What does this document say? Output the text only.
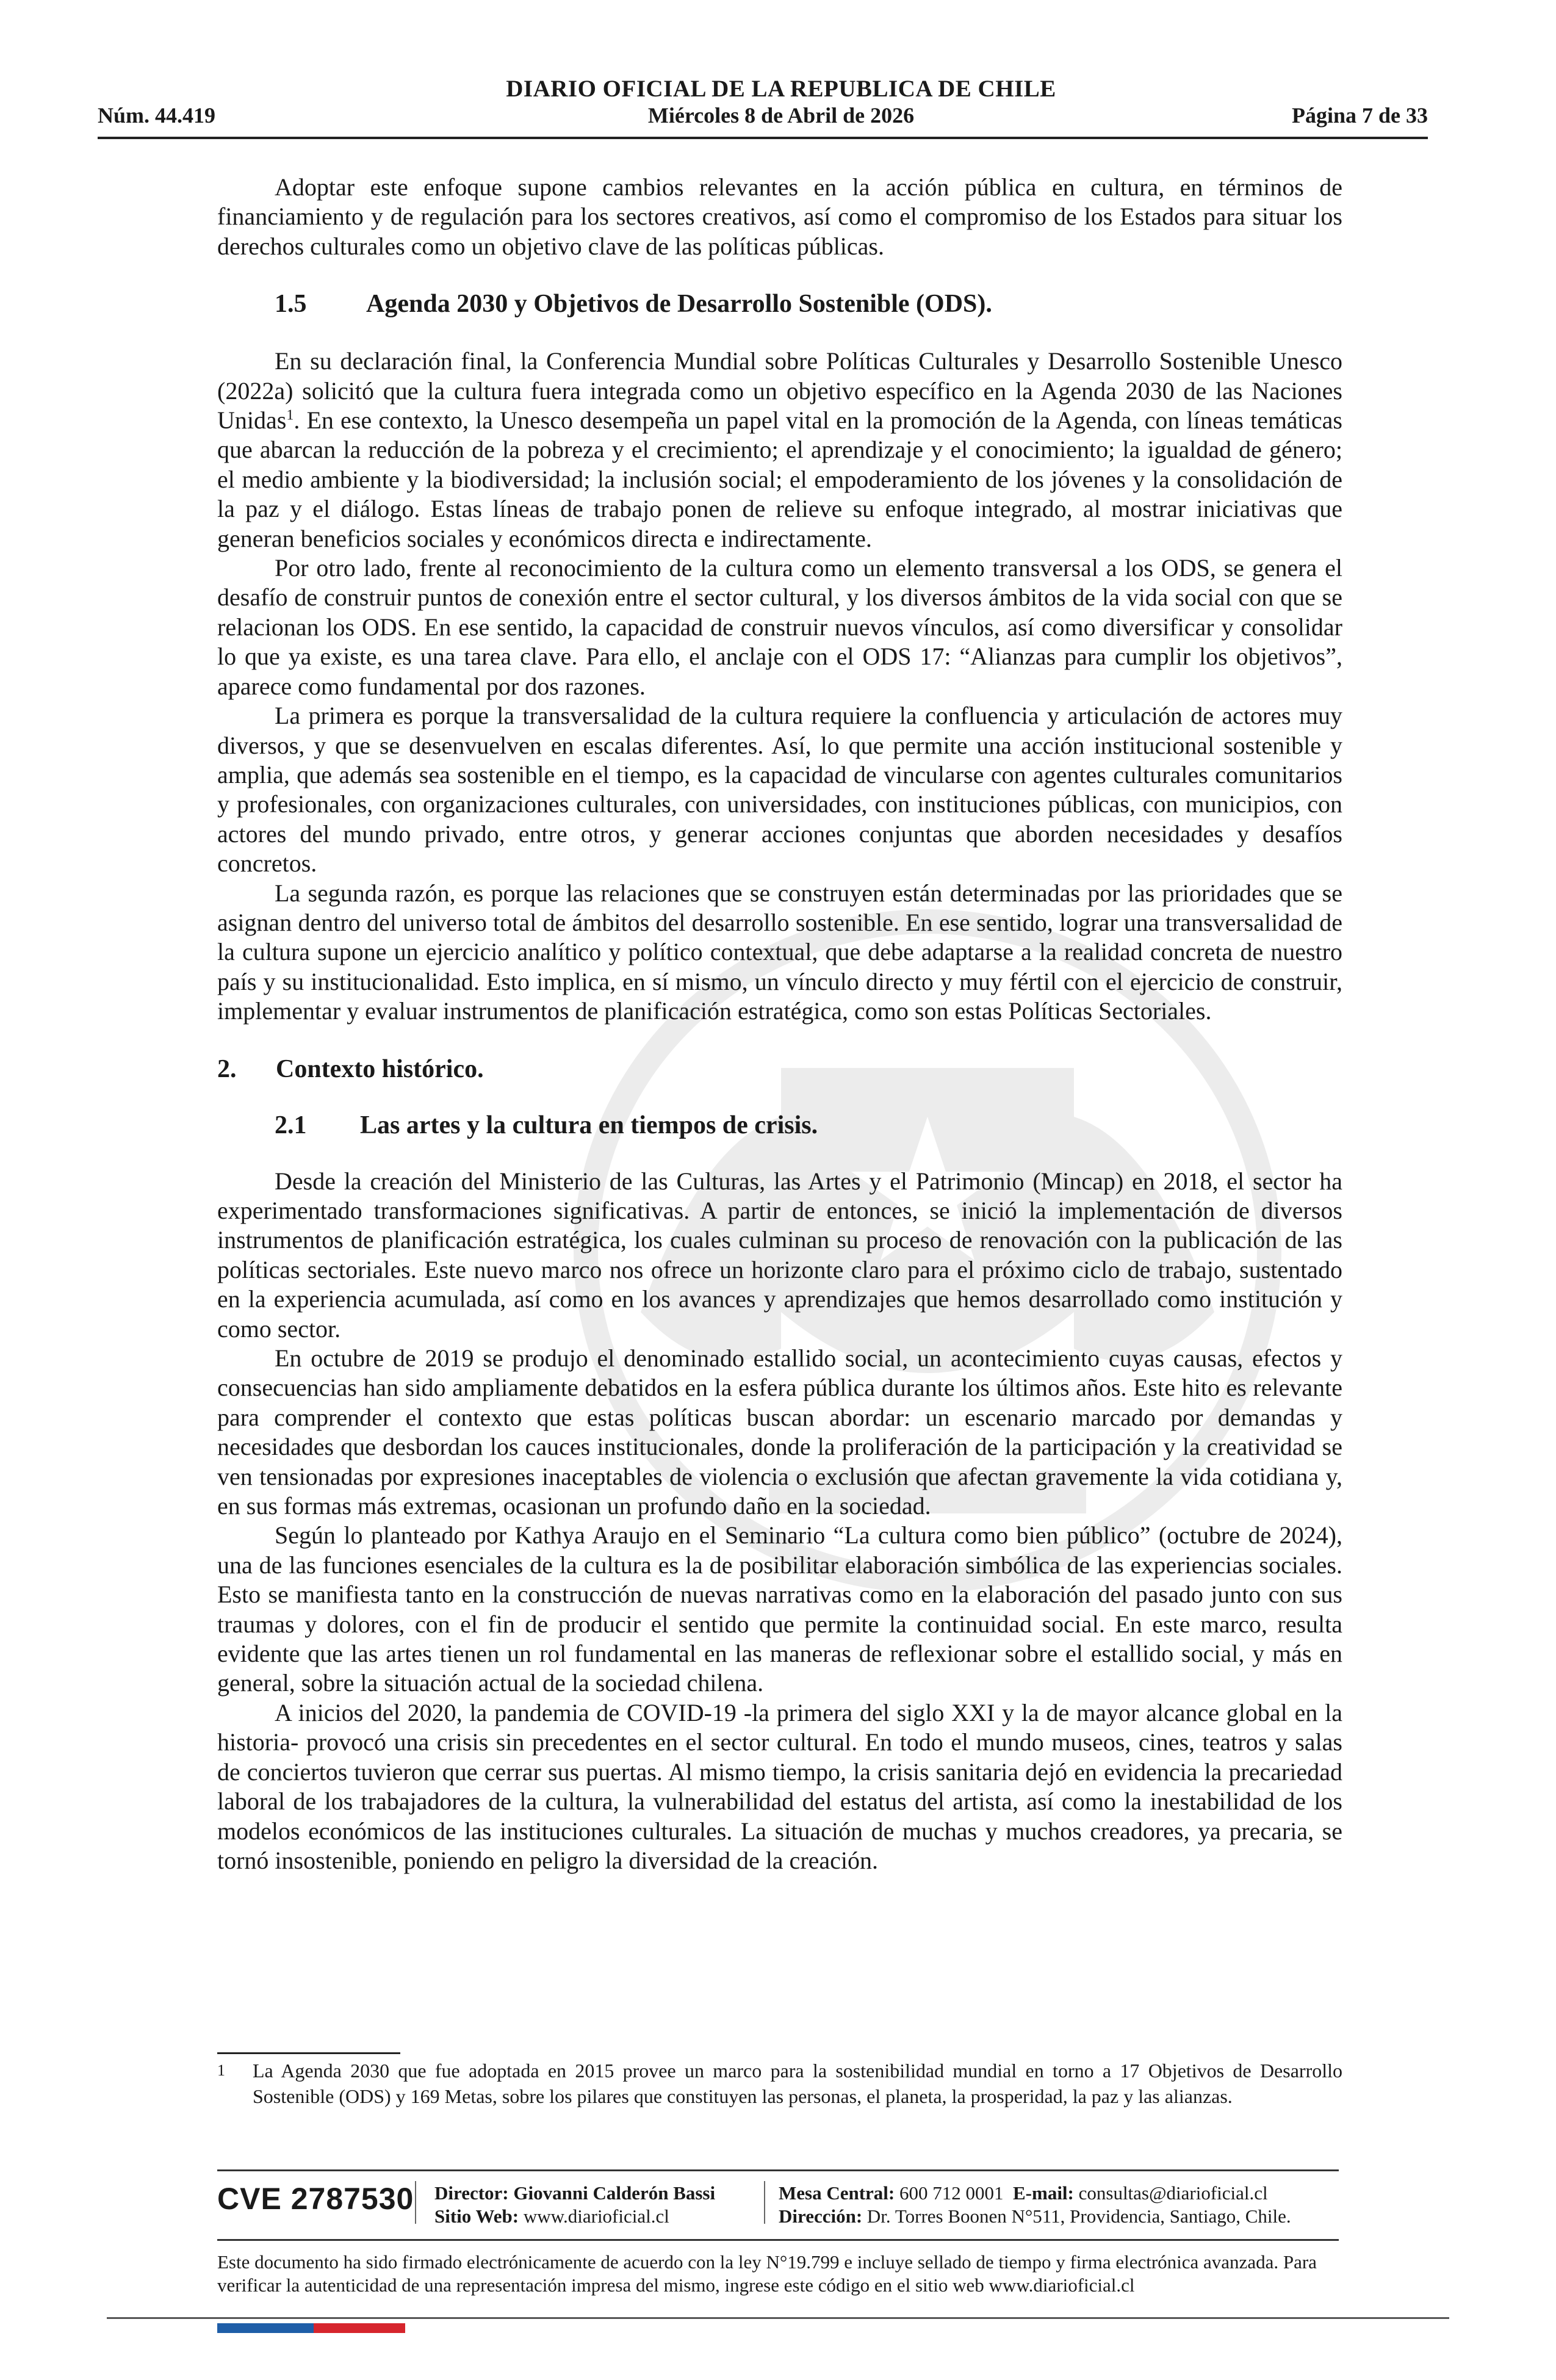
Núm. 44.419
DIARIO OFICIAL DE LA REPUBLICA DE CHILE
Miércoles 8 de Abril de 2026	Página 7 de 33

Adoptar este enfoque supone cambios relevantes en la acción pública en cultura, en términos de financiamiento y de regulación para los sectores creativos, así como el compromiso de los Estados para situar los derechos culturales como un objetivo clave de las políticas públicas.

1.5 Agenda 2030 y Objetivos de Desarrollo Sostenible (ODS).

En su declaración final, la Conferencia Mundial sobre Políticas Culturales y Desarrollo Sostenible Unesco (2022a) solicitó que la cultura fuera integrada como un objetivo específico en la Agenda 2030 de las Naciones Unidas$^1$. En ese contexto, la Unesco desempeña un papel vital en la promoción de la Agenda, con líneas temáticas que abarcan la reducción de la pobreza y el crecimiento; el aprendizaje y el conocimiento; la igualdad de género; el medio ambiente y la biodiversidad; la inclusión social; el empoderamiento de los jóvenes y la consolidación de la paz y el diálogo. Estas líneas de trabajo ponen de relieve su enfoque integrado, al mostrar iniciativas que generan beneficios sociales y económicos directa e indirectamente.

Por otro lado, frente al reconocimiento de la cultura como un elemento transversal a los ODS, se genera el desafío de construir puntos de conexión entre el sector cultural, y los diversos ámbitos de la vida social con que se relacionan los ODS. En ese sentido, la capacidad de construir nuevos vínculos, así como diversificar y consolidar lo que ya existe, es una tarea clave. Para ello, el anclaje con el ODS 17: “Alianzas para cumplir los objetivos”, aparece como fundamental por dos razones.

La primera es porque la transversalidad de la cultura requiere la confluencia y articulación de actores muy diversos, y que se desenvuelven en escalas diferentes. Así, lo que permite una acción institucional sostenible y amplia, que además sea sostenible en el tiempo, es la capacidad de vincularse con agentes culturales comunitarios y profesionales, con organizaciones culturales, con universidades, con instituciones públicas, con municipios, con actores del mundo privado, entre otros, y generar acciones conjuntas que aborden necesidades y desafíos concretos.

La segunda razón, es porque las relaciones que se construyen están determinadas por las prioridades que se asignan dentro del universo total de ámbitos del desarrollo sostenible. En ese sentido, lograr una transversalidad de la cultura supone un ejercicio analítico y político contextual, que debe adaptarse a la realidad concreta de nuestro país y su institucionalidad. Esto implica, en sí mismo, un vínculo directo y muy fértil con el ejercicio de construir, implementar y evaluar instrumentos de planificación estratégica, como son estas Políticas Sectoriales.

2. Contexto histórico.
2.1 Las artes y la cultura en tiempos de crisis.

Desde la creación del Ministerio de las Culturas, las Artes y el Patrimonio (Mincap) en 2018, el sector ha experimentado transformaciones significativas. A partir de entonces, se inició la implementación de diversos instrumentos de planificación estratégica, los cuales culminan su proceso de renovación con la publicación de las políticas sectoriales. Este nuevo marco nos ofrece un horizonte claro para el próximo ciclo de trabajo, sustentado en la experiencia acumulada, así como en los avances y aprendizajes que hemos desarrollado como institución y como sector.

En octubre de 2019 se produjo el denominado estallido social, un acontecimiento cuyas causas, efectos y consecuencias han sido ampliamente debatidos en la esfera pública durante los últimos años. Este hito es relevante para comprender el contexto que estas políticas buscan abordar: un escenario marcado por demandas y necesidades que desbordan los cauces institucionales, donde la proliferación de la participación y la creatividad se ven tensionadas por expresiones inaceptables de violencia o exclusión que afectan gravemente la vida cotidiana y, en sus formas más extremas, ocasionan un profundo daño en la sociedad.

Según lo planteado por Kathya Araujo en el Seminario “La cultura como bien público” (octubre de 2024), una de las funciones esenciales de la cultura es la de posibilitar elaboración simbólica de las experiencias sociales. Esto se manifiesta tanto en la construcción de nuevas narrativas como en la elaboración del pasado junto con sus traumas y dolores, con el fin de producir el sentido que permite la continuidad social. En este marco, resulta evidente que las artes tienen un rol fundamental en las maneras de reflexionar sobre el estallido social, y más en general, sobre la situación actual de la sociedad chilena.

A inicios del 2020, la pandemia de COVID-19 -la primera del siglo XXI y la de mayor alcance global en la historia- provocó una crisis sin precedentes en el sector cultural. En todo el mundo museos, cines, teatros y salas de conciertos tuvieron que cerrar sus puertas. Al mismo tiempo, la crisis sanitaria dejó en evidencia la precariedad laboral de los trabajadores de la cultura, la vulnerabilidad del estatus del artista, así como la inestabilidad de los modelos económicos de las instituciones culturales. La situación de muchas y muchos creadores, ya precaria, se tornó insostenible, poniendo en peligro la diversidad de la creación.

1 La Agenda 2030 que fue adoptada en 2015 provee un marco para la sostenibilidad mundial en torno a 17 Objetivos de Desarrollo Sostenible (ODS) y 169 Metas, sobre los pilares que constituyen las personas, el planeta, la prosperidad, la paz y las alianzas.
CVE 2787530 Director: Giovanni Calderón Bassi
Sitio Web: www.diarioficial.cl
Mesa Central: 600 712 0001 E-mail: consultas@diarioficial.cl
Dirección: Dr. Torres Boonen N°511, Providencia, Santiago, Chile.
Este documento ha sido firmado electrónicamente de acuerdo con la ley N°19.799 e incluye sellado de tiempo y firma electrónica avanzada. Para verificar la autenticidad de una representación impresa del mismo, ingrese este código en el sitio web www.diarioficial.cl
